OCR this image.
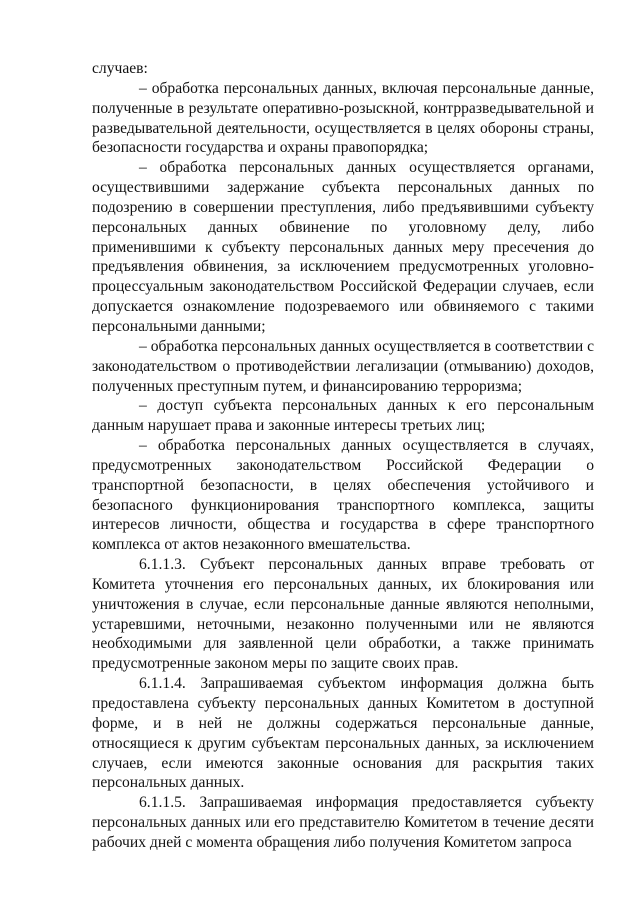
случаев:

– обработка персональных данных, включая персональные данные, полученные в результате оперативно-розыскной, контрразведывательной и разведывательной деятельности, осуществляется в целях обороны страны, безопасности государства и охраны правопорядка;

– обработка персональных данных осуществляется органами, осуществившими задержание субъекта персональных данных по подозрению в совершении преступления, либо предъявившими субъекту персональных данных обвинение по уголовному делу, либо применившими к субъекту персональных данных меру пресечения до предъявления обвинения, за исключением предусмотренных уголовно-процессуальным законодательством Российской Федерации случаев, если допускается ознакомление подозреваемого или обвиняемого с такими персональными данными;

– обработка персональных данных осуществляется в соответствии с законодательством о противодействии легализации (отмыванию) доходов, полученных преступным путем, и финансированию терроризма;

– доступ субъекта персональных данных к его персональным данным нарушает права и законные интересы третьих лиц;

– обработка персональных данных осуществляется в случаях, предусмотренных законодательством Российской Федерации о транспортной безопасности, в целях обеспечения устойчивого и безопасного функционирования транспортного комплекса, защиты интересов личности, общества и государства в сфере транспортного комплекса от актов незаконного вмешательства.

6.1.1.3. Субъект персональных данных вправе требовать от Комитета уточнения его персональных данных, их блокирования или уничтожения в случае, если персональные данные являются неполными, устаревшими, неточными, незаконно полученными или не являются необходимыми для заявленной цели обработки, а также принимать предусмотренные законом меры по защите своих прав.

6.1.1.4. Запрашиваемая субъектом информация должна быть предоставлена субъекту персональных данных Комитетом в доступной форме, и в ней не должны содержаться персональные данные, относящиеся к другим субъектам персональных данных, за исключением случаев, если имеются законные основания для раскрытия таких персональных данных.

6.1.1.5. Запрашиваемая информация предоставляется субъекту персональных данных или его представителю Комитетом в течение десяти рабочих дней с момента обращения либо получения Комитетом запроса
